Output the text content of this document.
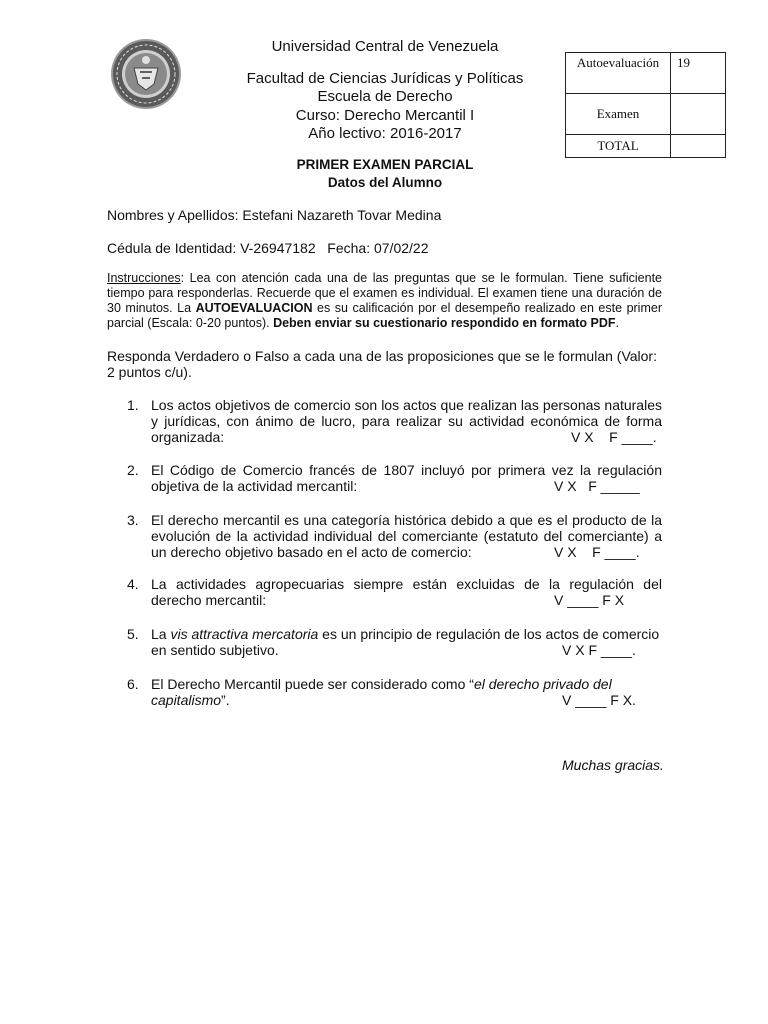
Universidad Central de Venezuela
Facultad de Ciencias Jurídicas y Políticas
Escuela de Derecho
Curso: Derecho Mercantil I
Año lectivo: 2016-2017
Autoevaluación	19
Examen	
TOTAL	
PRIMER EXAMEN PARCIAL
Datos del Alumno
Nombres y Apellidos: Estefani Nazareth Tovar Medina
Cédula de Identidad: V-26947182   Fecha: 07/02/22
Instrucciones: Lea con atención cada una de las preguntas que se le formulan. Tiene suficiente tiempo para responderlas. Recuerde que el examen es individual. El examen tiene una duración de 30 minutos. La AUTOEVALUACION es su calificación por el desempeño realizado en este primer parcial (Escala: 0-20 puntos). Deben enviar su cuestionario respondido en formato PDF.
Responda Verdadero o Falso a cada una de las proposiciones que se le formulan (Valor: 2 puntos c/u).
1. Los actos objetivos de comercio son los actos que realizan las personas naturales y jurídicas, con ánimo de lucro, para realizar su actividad económica de forma organizada:	V X    F ____.
2. El Código de Comercio francés de 1807 incluyó por primera vez la regulación objetiva de la actividad mercantil:	V X   F _____
3. El derecho mercantil es una categoría histórica debido a que es el producto de la evolución de la actividad individual del comerciante (estatuto del comerciante) a un derecho objetivo basado en el acto de comercio:	V X    F ____.
4. La actividades agropecuarias siempre están excluidas de la regulación del derecho mercantil:	V ____ F X
5. La vis attractiva mercatoria es un principio de regulación de los actos de comercio en sentido subjetivo.	V X F ____.
6. El Derecho Mercantil puede ser considerado como “el derecho privado del capitalismo”.	V ____ F X.
Muchas gracias.
